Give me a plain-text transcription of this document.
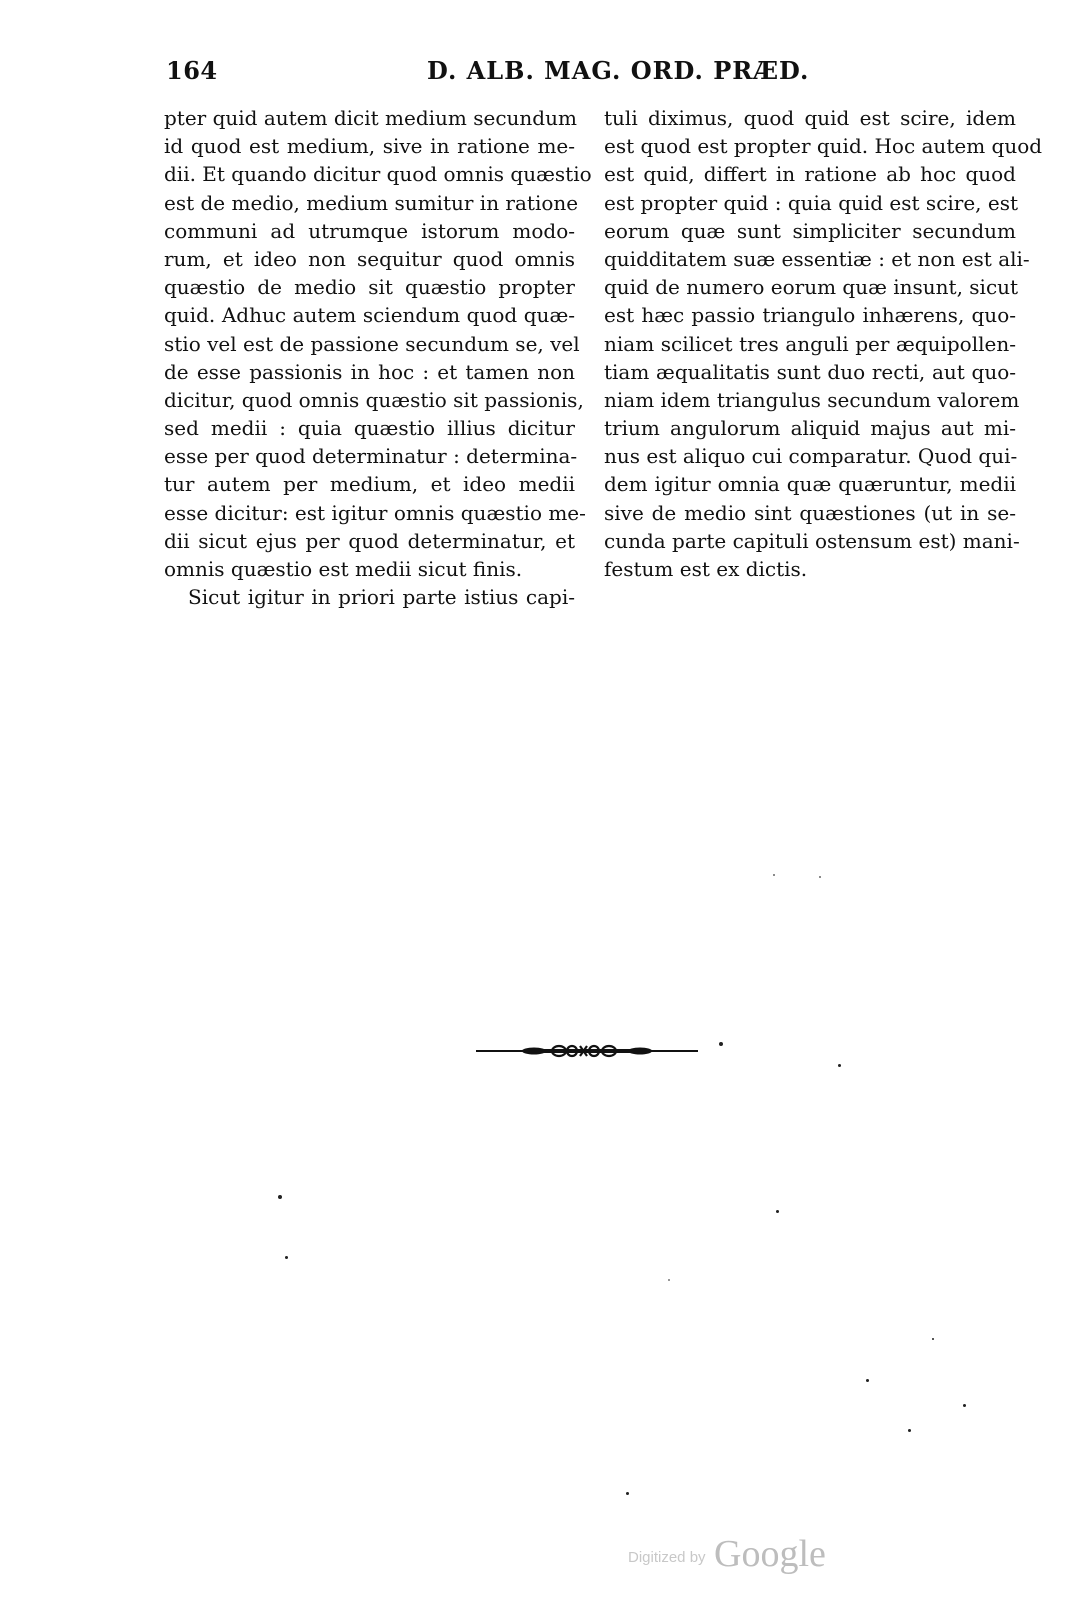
164	D. ALB. MAG. ORD. PRÆD.

pter quid autem dicit medium secundum
id quod est medium, sive in ratione me-
dii. Et quando dicitur quod omnis quæstio
est de medio, medium sumitur in ratione
communi ad utrumque istorum modo-
rum, et ideo non sequitur quod omnis
quæstio de medio sit quæstio propter
quid. Adhuc autem sciendum quod quæ-
stio vel est de passione secundum se, vel
de esse passionis in hoc : et tamen non
dicitur, quod omnis quæstio sit passionis,
sed medii : quia quæstio illius dicitur
esse per quod determinatur : determina-
tur autem per medium, et ideo medii
esse dicitur: est igitur omnis quæstio me-
dii sicut ejus per quod determinatur, et
omnis quæstio est medii sicut finis.

Sicut igitur in priori parte istius capi-

tuli diximus, quod quid est scire, idem
est quod est propter quid. Hoc autem quod
est quid, differt in ratione ab hoc quod
est propter quid : quia quid est scire, est
eorum quæ sunt simpliciter secundum
quidditatem suæ essentiæ : et non est ali-
quid de numero eorum quæ insunt, sicut
est hæc passio triangulo inhærens, quo-
niam scilicet tres anguli per æquipollen-
tiam æqualitatis sunt duo recti, aut quo-
niam idem triangulus secundum valorem
trium angulorum aliquid majus aut mi-
nus est aliquo cui comparatur. Quod qui-
dem igitur omnia quæ quæruntur, medii
sive de medio sint quæstiones (ut in se-
cunda parte capituli ostensum est) mani-
festum est ex dictis.

Digitized by Google
